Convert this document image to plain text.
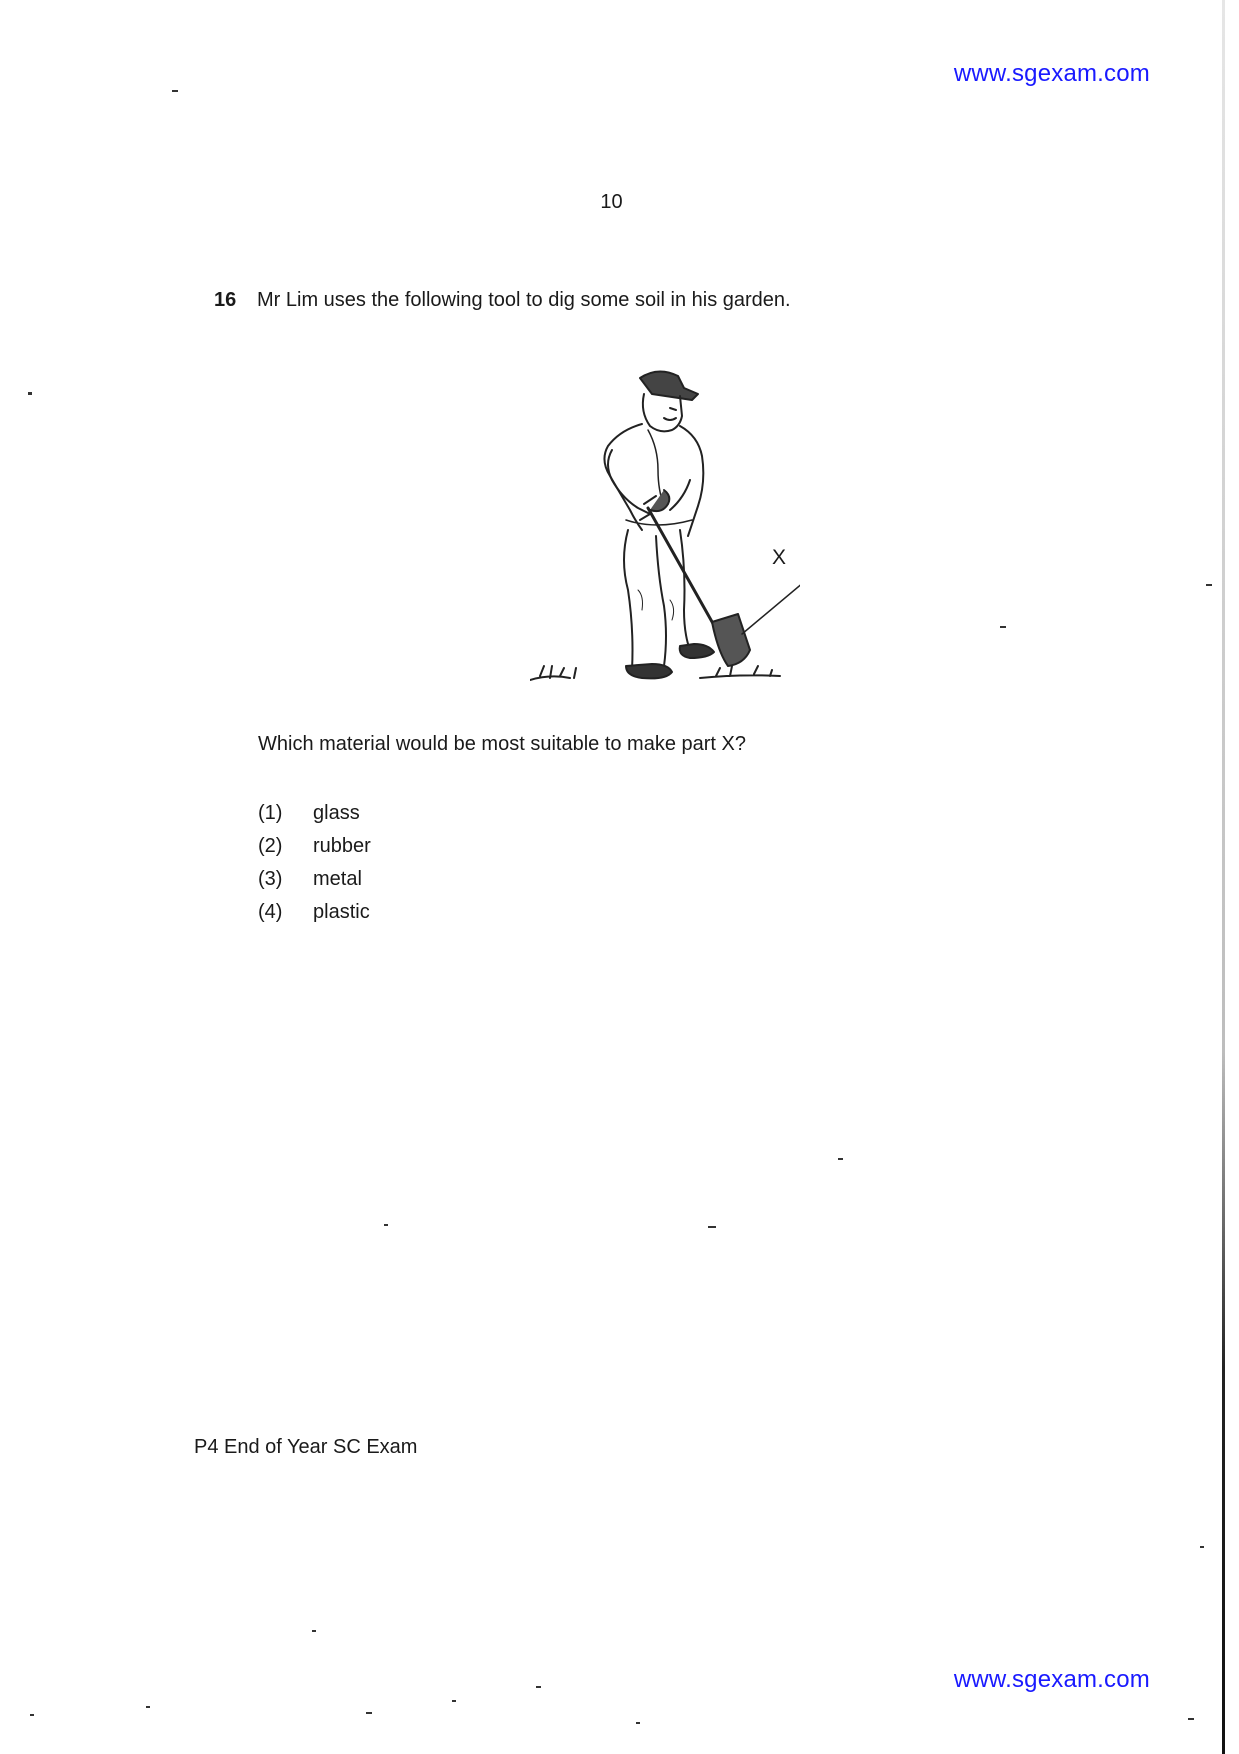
www.sgexam.com
10
16	Mr Lim uses the following tool to dig some soil in his garden.
X
Which material would be most suitable to make part X?
(1)	glass
(2)	rubber
(3)	metal
(4)	plastic
P4 End of Year SC Exam
www.sgexam.com
